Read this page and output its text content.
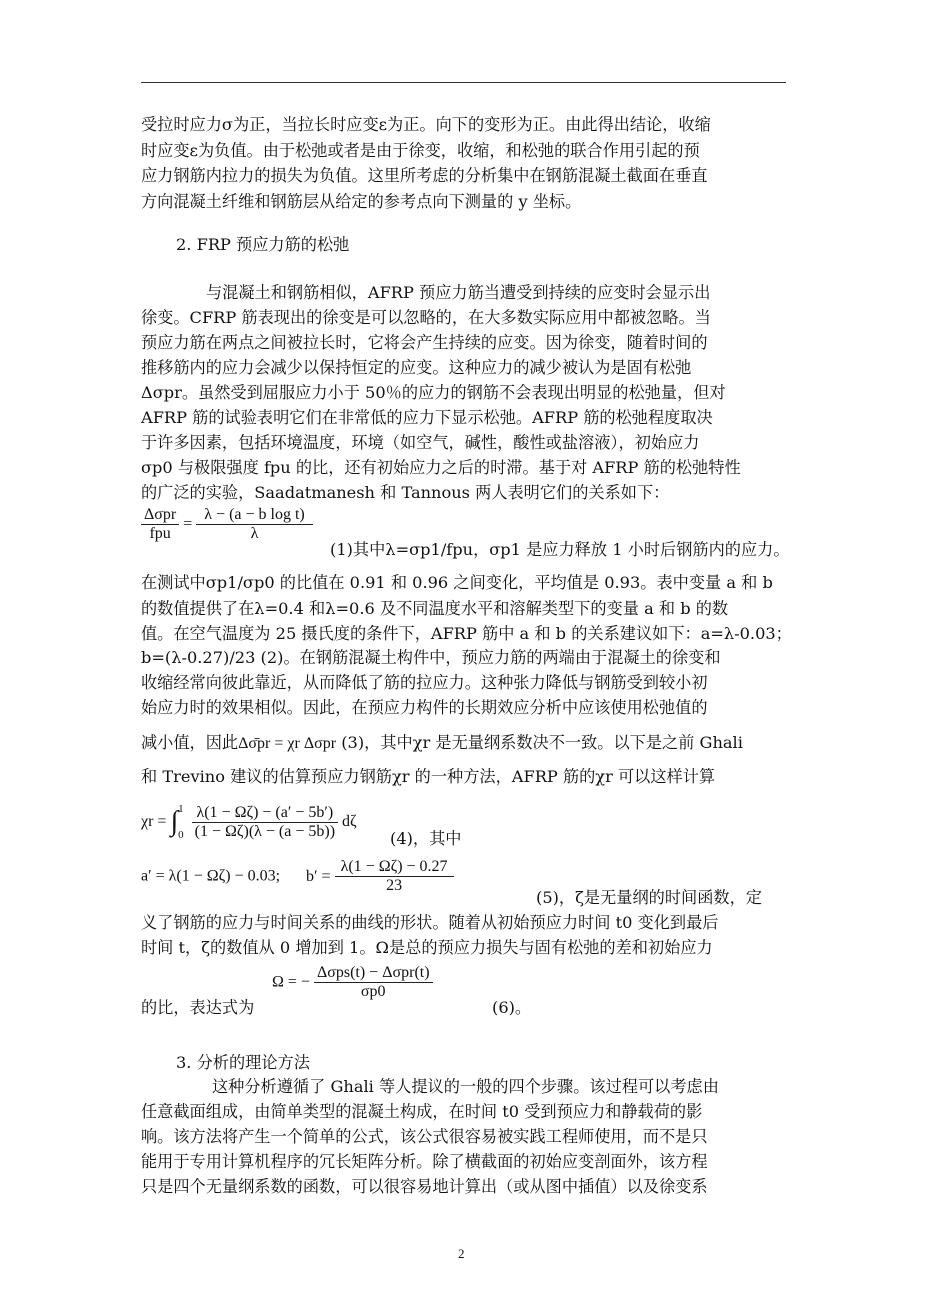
受拉时应力σ为正，当拉长时应变ε为正。向下的变形为正。由此得出结论，收缩
时应变ε为负值。由于松弛或者是由于徐变，收缩，和松弛的联合作用引起的预
应力钢筋内拉力的损失为负值。这里所考虑的分析集中在钢筋混凝土截面在垂直
方向混凝土纤维和钢筋层从给定的参考点向下测量的 y 坐标。
2. FRP 预应力筋的松弛
与混凝土和钢筋相似，AFRP 预应力筋当遭受到持续的应变时会显示出
徐变。CFRP 筋表现出的徐变是可以忽略的，在大多数实际应用中都被忽略。当
预应力筋在两点之间被拉长时，它将会产生持续的应变。因为徐变，随着时间的
推移筋内的应力会减少以保持恒定的应变。这种应力的减少被认为是固有松弛
Δσpr。虽然受到屈服应力小于 50％的应力的钢筋不会表现出明显的松弛量，但对
AFRP 筋的试验表明它们在非常低的应力下显示松弛。AFRP 筋的松弛程度取决
于许多因素，包括环境温度，环境（如空气，碱性，酸性或盐溶液），初始应力
σp0 与极限强度 fpu 的比，还有初始应力之后的时滞。基于对 AFRP 筋的松弛特性
的广泛的实验，Saadatmanesh 和 Tannous 两人表明它们的关系如下：
$\frac{\text{Δσpr}}{\text{fpu}} = \frac{\text{λ − (a − b log t)}}{\lambda}$
(1)其中λ=σp1/fpu，σp1 是应力释放 1 小时后钢筋内的应力。
在测试中σp1/σp0 的比值在 0.91 和 0.96 之间变化，平均值是 0.93。表中变量 a 和 b
的数值提供了在λ=0.4 和λ=0.6 及不同温度水平和溶解类型下的变量 a 和 b 的数
值。在空气温度为 25 摄氏度的条件下，AFRP 筋中 a 和 b 的关系建议如下：a=λ-0.03；
b=(λ-0.27)/23 (2)。在钢筋混凝土构件中，预应力筋的两端由于混凝土的徐变和
收缩经常向彼此靠近，从而降低了筋的拉应力。这种张力降低与钢筋受到较小初
始应力时的效果相似。因此，在预应力构件的长期效应分析中应该使用松弛值的
减小值，因此Δσ̄pr = χr Δσpr (3)，其中χr 是无量纲系数决不一致。以下是之前 Ghali
和 Trevino 建议的估算预应力钢筋χr 的一种方法，AFRP 筋的χr 可以这样计算
χr = ∫ 1
0
$\frac{\lambda(1 - \Omega\zeta) - (a' - 5b')}{(1 - \Omega\zeta)(\lambda - (a - 5b))}$ dζ
(4)，其中
a′ = λ(1 − Ωζ) − 0.03; $b' = \frac{\lambda(1 - \Omega\zeta) - 0.27}{23}$
(5)，ζ是无量纲的时间函数，定
义了钢筋的应力与时间关系的曲线的形状。随着从初始预应力时间 t0 变化到最后
时间 t，ζ的数值从 0 增加到 1。Ω是总的预应力损失与固有松弛的差和初始应力
的比，表达式为
Ω = − $\frac{\text{Δσps(t) − Δσpr(t)}}{\sigma p0}$
(6)。
3. 分析的理论方法
这种分析遵循了 Ghali 等人提议的一般的四个步骤。该过程可以考虑由
任意截面组成，由简单类型的混凝土构成，在时间 t0 受到预应力和静载荷的影
响。该方法将产生一个简单的公式，该公式很容易被实践工程师使用，而不是只
能用于专用计算机程序的冗长矩阵分析。除了横截面的初始应变剖面外，该方程
只是四个无量纲系数的函数，可以很容易地计算出（或从图中插值）以及徐变系
2
